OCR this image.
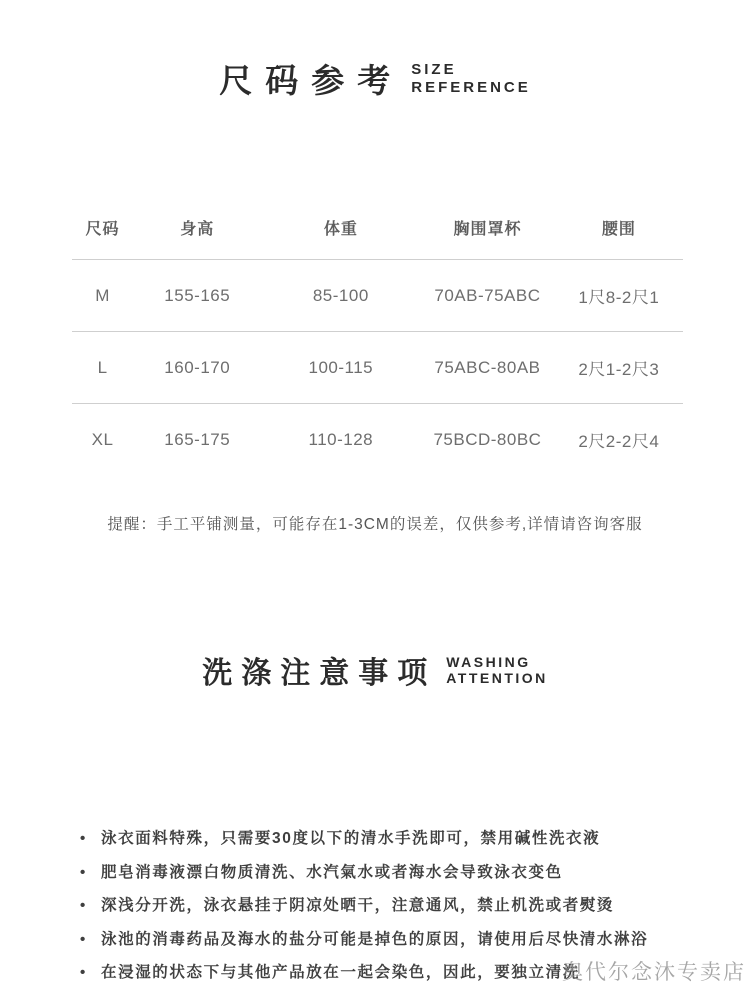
尺码参考 SIZE
REFERENCE
尺码	身高	体重	胸围罩杯	腰围
M	155-165	85-100	70AB-75ABC	1尺8-2尺1
L	160-170	100-115	75ABC-80AB	2尺1-2尺3
XL	165-175	110-128	75BCD-80BC	2尺2-2尺4
提醒：手工平铺测量，可能存在1-3CM的误差，仅供参考,详情请咨询客服
洗涤注意事项 WASHING
ATTENTION
• 泳衣面料特殊，只需要30度以下的清水手洗即可，禁用碱性洗衣液
• 肥皂消毒液漂白物质清洗、水汽氣水或者海水会导致泳衣变色
• 深浅分开洗，泳衣悬挂于阴凉处晒干，注意通风，禁止机洗或者熨烫
• 泳池的消毒药品及海水的盐分可能是掉色的原因，请使用后尽快清水淋浴
• 在浸湿的状态下与其他产品放在一起会染色，因此，要独立清洗
奥代尔念沐专卖店
